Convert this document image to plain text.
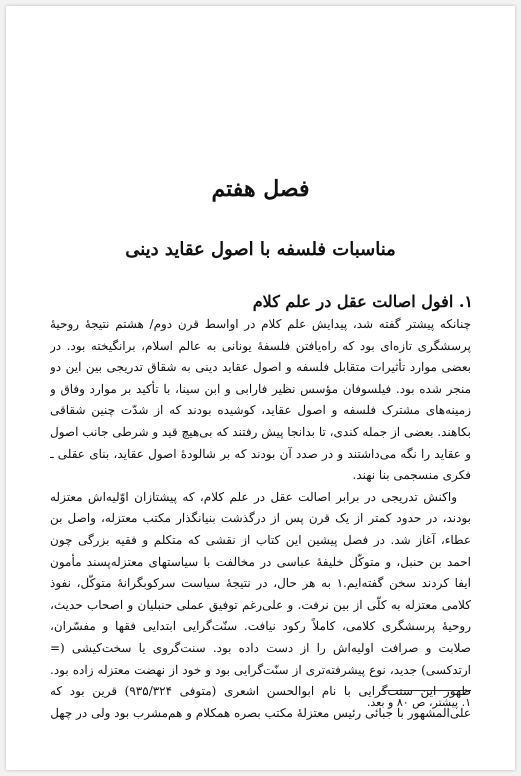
فصل هفتم
مناسبات فلسفه با اصول عقاید دینی
۱. افول اصالت عقل در علم کلام

چنانکه پیشتر گفته شد، پیدایش علم کلام در اواسط قرن دوم/ هشتم نتیجهٔ روحیهٔ پرسشگری تازه‌ای بود که راه‌یافتن فلسفهٔ یونانی به عالم اسلام، برانگیخته بود. در بعضی موارد تأثیرات متقابل فلسفه و اصول عقاید دینی به شقاق تدریجی بین این دو منجر شده بود. فیلسوفان مؤسس نظیر فارابی و ابن سینا، با تأکید بر موارد وفاق و زمینه‌های مشترک فلسفه و اصول عقاید، کوشیده بودند که از شدّت چنین شقاقی بکاهند. بعضی از جمله کندی، تا بدانجا پیش رفتند که بی‌هیچ قید و شرطی جانب اصول و عقاید را نگه می‌داشتند و در صدد آن بودند که بر شالودهٔ اصول عقاید، بنای عقلی ـ فکری منسجمی بنا نهند.

واکنش تدریجی در برابر اصالت عقل در علم کلام، که پیشتازان اوّلیه‌اش معتزله بودند، در حدود کمتر از یک قرن پس از درگذشت بنیانگذار مکتب معتزله، واصل بن عطاء، آغاز شد. در فصل پیشین این کتاب از نقشی که متکلم و فقیه بزرگی چون احمد بن حنبل، و متوکّل خلیفهٔ عباسی در مخالفت با سیاستهای معتزله‌پسند مأمون ایفا کردند سخن گفته‌ایم.۱ به هر حال، در نتیجهٔ سیاست سرکوبگرانهٔ متوکّل، نفوذ کلامی معتزله به کلّی از بین نرفت. و علی‌رغم توفیق عملی حنبلیان و اصحاب حدیث، روحیهٔ پرسشگری کلامی، کاملاً رکود نیافت. سنّت‌گرایی ابتدایی فقها و مفسّران، صلابت و صرافت اولیه‌اش را از دست داده بود. سنت‌گروی یا سخت‌کیشی (= ارتدکسی) جدید، نوع پیشرفته‌تری از سنّت‌گرایی بود و خود از نهضت معتزله زاده بود. ظهور این سنت‌گرایی با نام ابوالحسن اشعری (متوفی ۹۳۵/۳۲۴) قرین بود که علی‌المشهور با جبائی رئیس معتزلهٔ مکتب بصره همکلام و هم‌مشرب بود ولی در چهل

۱. پیشتر، ص ۸۰ و بعد.
